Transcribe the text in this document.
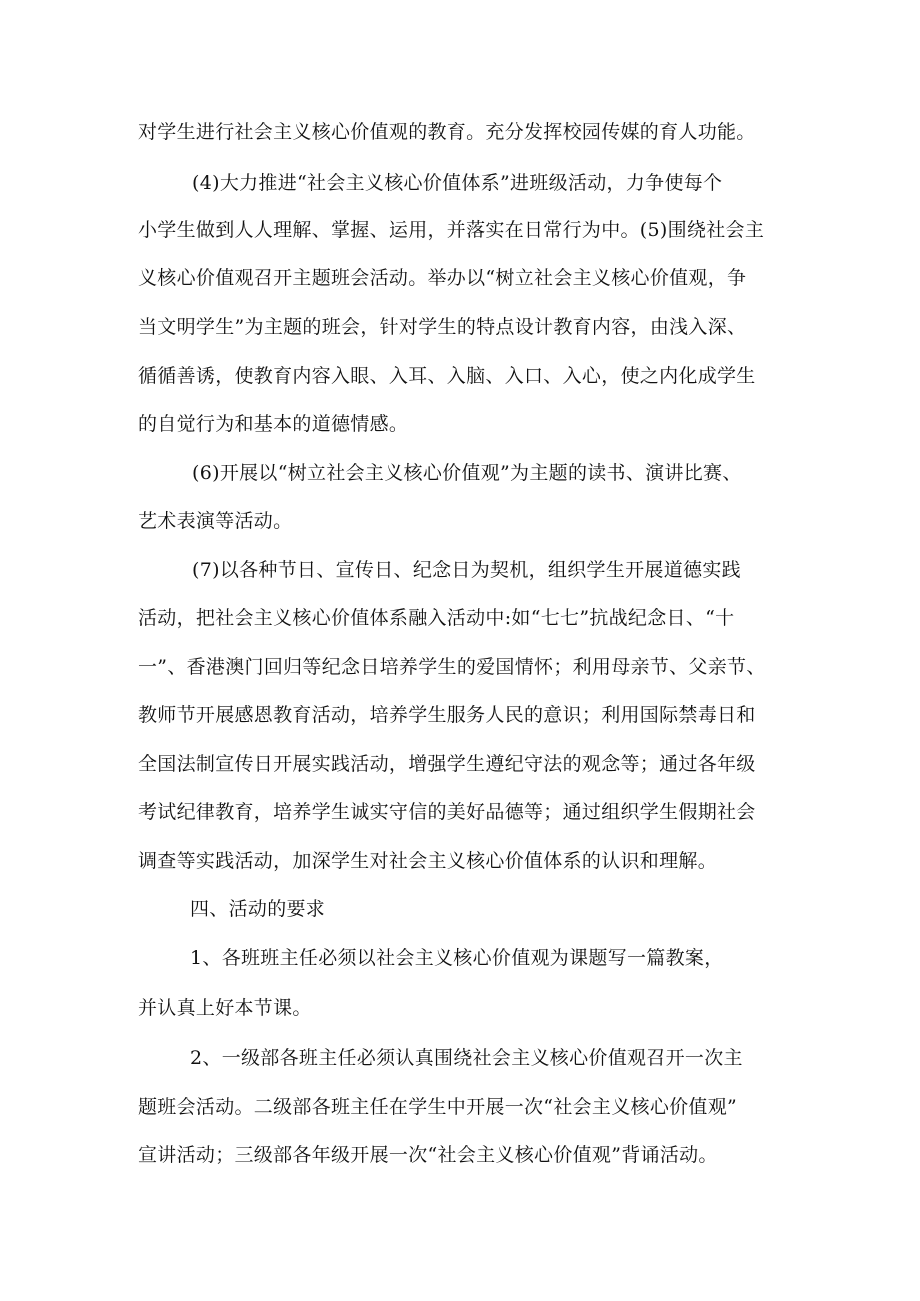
对学生进行社会主义核心价值观的教育。充分发挥校园传媒的育人功能。
(4)大力推进“社会主义核心价值体系”进班级活动，力争使每个
小学生做到人人理解、掌握、运用，并落实在日常行为中。(5)围绕社会主
义核心价值观召开主题班会活动。举办以“树立社会主义核心价值观，争
当文明学生”为主题的班会，针对学生的特点设计教育内容，由浅入深、
循循善诱，使教育内容入眼、入耳、入脑、入口、入心，使之内化成学生
的自觉行为和基本的道德情感。
(6)开展以“树立社会主义核心价值观”为主题的读书、演讲比赛、
艺术表演等活动。
(7)以各种节日、宣传日、纪念日为契机，组织学生开展道德实践
活动，把社会主义核心价值体系融入活动中:如“七七”抗战纪念日、“十
一”、香港澳门回归等纪念日培养学生的爱国情怀；利用母亲节、父亲节、
教师节开展感恩教育活动，培养学生服务人民的意识；利用国际禁毒日和
全国法制宣传日开展实践活动，增强学生遵纪守法的观念等；通过各年级
考试纪律教育，培养学生诚实守信的美好品德等；通过组织学生假期社会
调查等实践活动，加深学生对社会主义核心价值体系的认识和理解。
四、活动的要求
1、各班班主任必须以社会主义核心价值观为课题写一篇教案，
并认真上好本节课。
2、一级部各班主任必须认真围绕社会主义核心价值观召开一次主
题班会活动。二级部各班主任在学生中开展一次“社会主义核心价值观”
宣讲活动；三级部各年级开展一次“社会主义核心价值观”背诵活动。
